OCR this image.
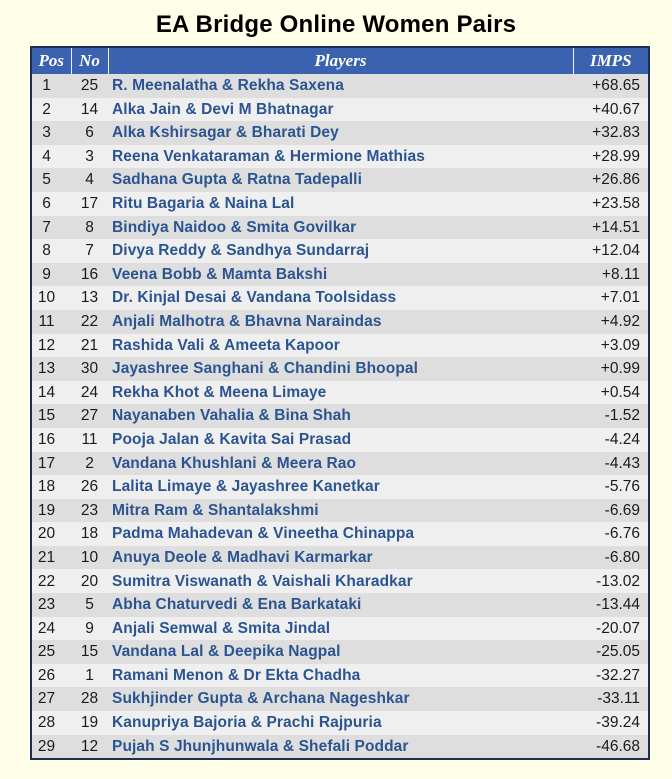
EA Bridge Online Women Pairs
Pos	No	Players	IMPS
1	25	R. Meenalatha & Rekha Saxena	+68.65
2	14	Alka Jain & Devi M Bhatnagar	+40.67
3	6	Alka Kshirsagar & Bharati Dey	+32.83
4	3	Reena Venkataraman & Hermione Mathias	+28.99
5	4	Sadhana Gupta & Ratna Tadepalli	+26.86
6	17	Ritu Bagaria & Naina Lal	+23.58
7	8	Bindiya Naidoo & Smita Govilkar	+14.51
8	7	Divya Reddy & Sandhya Sundarraj	+12.04
9	16	Veena Bobb & Mamta Bakshi	+8.11
10	13	Dr. Kinjal Desai & Vandana Toolsidass	+7.01
11	22	Anjali Malhotra & Bhavna Naraindas	+4.92
12	21	Rashida Vali & Ameeta Kapoor	+3.09
13	30	Jayashree Sanghani & Chandini Bhoopal	+0.99
14	24	Rekha Khot & Meena Limaye	+0.54
15	27	Nayanaben Vahalia & Bina Shah	-1.52
16	11	Pooja Jalan & Kavita Sai Prasad	-4.24
17	2	Vandana Khushlani & Meera Rao	-4.43
18	26	Lalita Limaye & Jayashree Kanetkar	-5.76
19	23	Mitra Ram & Shantalakshmi	-6.69
20	18	Padma Mahadevan & Vineetha Chinappa	-6.76
21	10	Anuya Deole & Madhavi Karmarkar	-6.80
22	20	Sumitra Viswanath & Vaishali Kharadkar	-13.02
23	5	Abha Chaturvedi & Ena Barkataki	-13.44
24	9	Anjali Semwal & Smita Jindal	-20.07
25	15	Vandana Lal & Deepika Nagpal	-25.05
26	1	Ramani Menon & Dr Ekta Chadha	-32.27
27	28	Sukhjinder Gupta & Archana Nageshkar	-33.11
28	19	Kanupriya Bajoria & Prachi Rajpuria	-39.24
29	12	Pujah S Jhunjhunwala & Shefali Poddar	-46.68
